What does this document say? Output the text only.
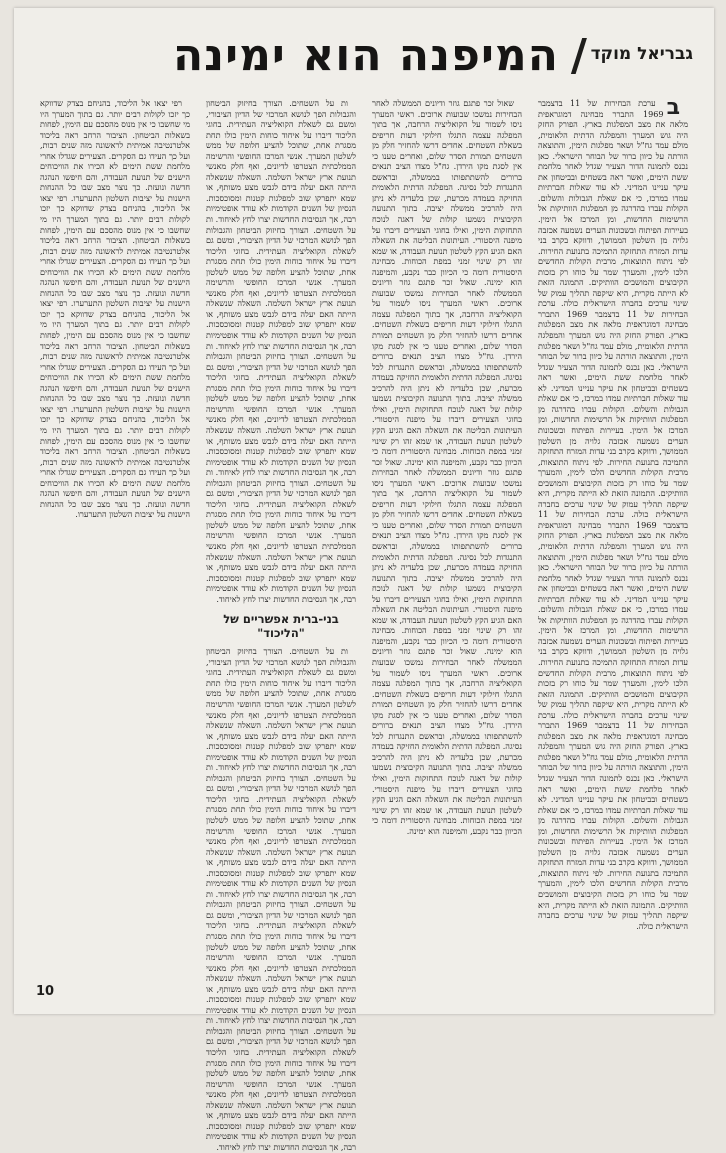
המיפנה הוא ימינה / גבריאל מוקד

ב
ערכת הבחירות של 11 בדצמבר 1969 התברר מבחינה דמוגראפית מלאה את מצב המפלגות בארץ. הפורק החזק היה גוש המערך והמפלגה הדתית הלאומית, מולם עמד גח"ל ושאר מפלגות הימין, והתוצאה הורתה על כיוון ברור של הבוחר הישראלי. כאן נכנס לתמונה הדור הצעיר שגדל לאחר מלחמת ששת הימים, ואשר ראה בשטחים ובביטחון את עיקר עניינו המדיני. לא עוד שאלות חברתיות עמדו במרכז, כי אם שאלת הגבולות והשלום. הקולות עברו בהדרגה מן המפלגות הוותיקות אל הרשימות החדשות, ומן המרכז אל הימין. בעיירות הפיתוח ובשכונות הערים נשמעה אכזבה גלויה מן השלטון הממושך, ודווקא בקרב בני עדות המזרח התחזקה התמיכה בתנועת החירות. לפי ניתוח התוצאות, מרבית הקולות החדשים הלכו לימין, והמערך שמר על כוחו רק בזכות הקיבוצים והמושבים הוותיקים. התמונה הזאת לא הייתה מקרית, היא שיקפה תהליך עמוק של שינוי ערכים בחברה הישראלית כולה. ערכת הבחירות של 11 בדצמבר 1969 התברר מבחינה דמוגראפית מלאה את מצב המפלגות בארץ. הפורק החזק היה גוש המערך והמפלגה הדתית הלאומית, מולם עמד גח"ל ושאר מפלגות הימין, והתוצאה הורתה על כיוון ברור של הבוחר הישראלי. כאן נכנס לתמונה הדור הצעיר שגדל לאחר מלחמת ששת הימים, ואשר ראה בשטחים ובביטחון את עיקר עניינו המדיני. לא עוד שאלות חברתיות עמדו במרכז, כי אם שאלת הגבולות והשלום. הקולות עברו בהדרגה מן המפלגות הוותיקות אל הרשימות החדשות, ומן המרכז אל הימין. בעיירות הפיתוח ובשכונות הערים נשמעה אכזבה גלויה מן השלטון הממושך, ודווקא בקרב בני עדות המזרח התחזקה התמיכה בתנועת החירות. לפי ניתוח התוצאות, מרבית הקולות החדשים הלכו לימין, והמערך שמר על כוחו רק בזכות הקיבוצים והמושבים הוותיקים. התמונה הזאת לא הייתה מקרית, היא שיקפה תהליך עמוק של שינוי ערכים בחברה הישראלית כולה. ערכת הבחירות של 11 בדצמבר 1969 התברר מבחינה דמוגראפית מלאה את מצב המפלגות בארץ. הפורק החזק היה גוש המערך והמפלגה הדתית הלאומית, מולם עמד גח"ל ושאר מפלגות הימין, והתוצאה הורתה על כיוון ברור של הבוחר הישראלי. כאן נכנס לתמונה הדור הצעיר שגדל לאחר מלחמת ששת הימים, ואשר ראה בשטחים ובביטחון את עיקר עניינו המדיני. לא עוד שאלות חברתיות עמדו במרכז, כי אם שאלת הגבולות והשלום. הקולות עברו בהדרגה מן המפלגות הוותיקות אל הרשימות החדשות, ומן המרכז אל הימין. בעיירות הפיתוח ובשכונות הערים נשמעה אכזבה גלויה מן השלטון הממושך, ודווקא בקרב בני עדות המזרח התחזקה התמיכה בתנועת החירות. לפי ניתוח התוצאות, מרבית הקולות החדשים הלכו לימין, והמערך שמר על כוחו רק בזכות הקיבוצים והמושבים הוותיקים. התמונה הזאת לא הייתה מקרית, היא שיקפה תהליך עמוק של שינוי ערכים בחברה הישראלית כולה. ערכת הבחירות של 11 בדצמבר 1969 התברר מבחינה דמוגראפית מלאה את מצב המפלגות בארץ. הפורק החזק היה גוש המערך והמפלגה הדתית הלאומית, מולם עמד גח"ל ושאר מפלגות הימין, והתוצאה הורתה על כיוון ברור של הבוחר הישראלי. כאן נכנס לתמונה הדור הצעיר שגדל לאחר מלחמת ששת הימים, ואשר ראה בשטחים ובביטחון את עיקר עניינו המדיני. לא עוד שאלות חברתיות עמדו במרכז, כי אם שאלת הגבולות והשלום. הקולות עברו בהדרגה מן המפלגות הוותיקות אל הרשימות החדשות, ומן המרכז אל הימין. בעיירות הפיתוח ובשכונות הערים נשמעה אכזבה גלויה מן השלטון הממושך, ודווקא בקרב בני עדות המזרח התחזקה התמיכה בתנועת החירות. לפי ניתוח התוצאות, מרבית הקולות החדשים הלכו לימין, והמערך שמר על כוחו רק בזכות הקיבוצים והמושבים הוותיקים. התמונה הזאת לא הייתה מקרית, היא שיקפה תהליך עמוק של שינוי ערכים בחברה הישראלית כולה.

שאול זכר פתגם גוזר ודיונים הממשלה לאחר הבחירות נמשכו שבועות ארוכים. ראשי המערך ניסו לשמור על הקואליציה הרחבה, אך בתוך המפלגה עצמה התגלו חילוקי דעות חריפים בשאלת השטחים. אחדים דרשו להחזיר חלק מן השטחים תמורת הסדר שלום, ואחרים טענו כי אין לסגת מקו הירדן. גח"ל מצדו הציב תנאים ברורים להשתתפותו בממשלה, ובראשם התנגדות לכל נסיגה. המפלגה הדתית הלאומית החזיקה בעמדה מכרעת, שכן בלעדיה לא ניתן היה להרכיב ממשלה יציבה. בתוך התנועה הקיבוצית נשמעו קולות של דאגה לנוכח התחזקות הימין, ואילו בחוגי הצעירים דיברו על מיפנה היסטורי. העיתונות הבליטה את השאלה האם הגיע הקץ לשלטון תנועת העבודה, או שמא זהו רק שינוי זמני במפת הכוחות. מבחינה היסטורית דומה כי הכיוון כבר נקבע, והמיפנה הוא ימינה. שאול זכר פתגם גוזר ודיונים הממשלה לאחר הבחירות נמשכו שבועות ארוכים. ראשי המערך ניסו לשמור על הקואליציה הרחבה, אך בתוך המפלגה עצמה התגלו חילוקי דעות חריפים בשאלת השטחים. אחדים דרשו להחזיר חלק מן השטחים תמורת הסדר שלום, ואחרים טענו כי אין לסגת מקו הירדן. גח"ל מצדו הציב תנאים ברורים להשתתפותו בממשלה, ובראשם התנגדות לכל נסיגה. המפלגה הדתית הלאומית החזיקה בעמדה מכרעת, שכן בלעדיה לא ניתן היה להרכיב ממשלה יציבה. בתוך התנועה הקיבוצית נשמעו קולות של דאגה לנוכח התחזקות הימין, ואילו בחוגי הצעירים דיברו על מיפנה היסטורי. העיתונות הבליטה את השאלה האם הגיע הקץ לשלטון תנועת העבודה, או שמא זהו רק שינוי זמני במפת הכוחות. מבחינה היסטורית דומה כי הכיוון כבר נקבע, והמיפנה הוא ימינה. שאול זכר פתגם גוזר ודיונים הממשלה לאחר הבחירות נמשכו שבועות ארוכים. ראשי המערך ניסו לשמור על הקואליציה הרחבה, אך בתוך המפלגה עצמה התגלו חילוקי דעות חריפים בשאלת השטחים. אחדים דרשו להחזיר חלק מן השטחים תמורת הסדר שלום, ואחרים טענו כי אין לסגת מקו הירדן. גח"ל מצדו הציב תנאים ברורים להשתתפותו בממשלה, ובראשם התנגדות לכל נסיגה. המפלגה הדתית הלאומית החזיקה בעמדה מכרעת, שכן בלעדיה לא ניתן היה להרכיב ממשלה יציבה. בתוך התנועה הקיבוצית נשמעו קולות של דאגה לנוכח התחזקות הימין, ואילו בחוגי הצעירים דיברו על מיפנה היסטורי. העיתונות הבליטה את השאלה האם הגיע הקץ לשלטון תנועת העבודה, או שמא זהו רק שינוי זמני במפת הכוחות. מבחינה היסטורית דומה כי הכיוון כבר נקבע, והמיפנה הוא ימינה. שאול זכר פתגם גוזר ודיונים הממשלה לאחר הבחירות נמשכו שבועות ארוכים. ראשי המערך ניסו לשמור על הקואליציה הרחבה, אך בתוך המפלגה עצמה התגלו חילוקי דעות חריפים בשאלת השטחים. אחדים דרשו להחזיר חלק מן השטחים תמורת הסדר שלום, ואחרים טענו כי אין לסגת מקו הירדן. גח"ל מצדו הציב תנאים ברורים להשתתפותו בממשלה, ובראשם התנגדות לכל נסיגה. המפלגה הדתית הלאומית החזיקה בעמדה מכרעת, שכן בלעדיה לא ניתן היה להרכיב ממשלה יציבה. בתוך התנועה הקיבוצית נשמעו קולות של דאגה לנוכח התחזקות הימין, ואילו בחוגי הצעירים דיברו על מיפנה היסטורי. העיתונות הבליטה את השאלה האם הגיע הקץ לשלטון תנועת העבודה, או שמא זהו רק שינוי זמני במפת הכוחות. מבחינה היסטורית דומה כי הכיוון כבר נקבע, והמיפנה הוא ימינה.

ות על השטחים. הצורך בחיזוק הביטחון והגבולות הפך לנושא המרכזי של הדיון הציבורי, ומשם גם לשאלת הקואליציה העתידית. בחוגי הליכוד דיברו על איחוד כוחות הימין כולו תחת מסגרת אחת, שתוכל להציע חלופה של ממש לשלטון המערך. אנשי המרכז החופשי והרשימה הממלכתית הצטרפו לדיונים, ואף חלק מאנשי תנועת ארץ ישראל השלמה. השאלה שנשאלה הייתה האם יעלה בידם לגבש מצע משותף, או שמא יתפרקו שוב למפלגות קטנות ומסוכסכות. הנסיון של השנים הקודמות לא עודד אופטימיות רבה, אך הנסיבות החדשות יצרו לחץ לאיחוד. ות על השטחים. הצורך בחיזוק הביטחון והגבולות הפך לנושא המרכזי של הדיון הציבורי, ומשם גם לשאלת הקואליציה העתידית. בחוגי הליכוד דיברו על איחוד כוחות הימין כולו תחת מסגרת אחת, שתוכל להציע חלופה של ממש לשלטון המערך. אנשי המרכז החופשי והרשימה הממלכתית הצטרפו לדיונים, ואף חלק מאנשי תנועת ארץ ישראל השלמה. השאלה שנשאלה הייתה האם יעלה בידם לגבש מצע משותף, או שמא יתפרקו שוב למפלגות קטנות ומסוכסכות. הנסיון של השנים הקודמות לא עודד אופטימיות רבה, אך הנסיבות החדשות יצרו לחץ לאיחוד. ות על השטחים. הצורך בחיזוק הביטחון והגבולות הפך לנושא המרכזי של הדיון הציבורי, ומשם גם לשאלת הקואליציה העתידית. בחוגי הליכוד דיברו על איחוד כוחות הימין כולו תחת מסגרת אחת, שתוכל להציע חלופה של ממש לשלטון המערך. אנשי המרכז החופשי והרשימה הממלכתית הצטרפו לדיונים, ואף חלק מאנשי תנועת ארץ ישראל השלמה. השאלה שנשאלה הייתה האם יעלה בידם לגבש מצע משותף, או שמא יתפרקו שוב למפלגות קטנות ומסוכסכות. הנסיון של השנים הקודמות לא עודד אופטימיות רבה, אך הנסיבות החדשות יצרו לחץ לאיחוד. ות על השטחים. הצורך בחיזוק הביטחון והגבולות הפך לנושא המרכזי של הדיון הציבורי, ומשם גם לשאלת הקואליציה העתידית. בחוגי הליכוד דיברו על איחוד כוחות הימין כולו תחת מסגרת אחת, שתוכל להציע חלופה של ממש לשלטון המערך. אנשי המרכז החופשי והרשימה הממלכתית הצטרפו לדיונים, ואף חלק מאנשי תנועת ארץ ישראל השלמה. השאלה שנשאלה הייתה האם יעלה בידם לגבש מצע משותף, או שמא יתפרקו שוב למפלגות קטנות ומסוכסכות. הנסיון של השנים הקודמות לא עודד אופטימיות רבה, אך הנסיבות החדשות יצרו לחץ לאיחוד.

בני-ברית אפשריים של
"הליכוד"

ות על השטחים. הצורך בחיזוק הביטחון והגבולות הפך לנושא המרכזי של הדיון הציבורי, ומשם גם לשאלת הקואליציה העתידית. בחוגי הליכוד דיברו על איחוד כוחות הימין כולו תחת מסגרת אחת, שתוכל להציע חלופה של ממש לשלטון המערך. אנשי המרכז החופשי והרשימה הממלכתית הצטרפו לדיונים, ואף חלק מאנשי תנועת ארץ ישראל השלמה. השאלה שנשאלה הייתה האם יעלה בידם לגבש מצע משותף, או שמא יתפרקו שוב למפלגות קטנות ומסוכסכות. הנסיון של השנים הקודמות לא עודד אופטימיות רבה, אך הנסיבות החדשות יצרו לחץ לאיחוד. ות על השטחים. הצורך בחיזוק הביטחון והגבולות הפך לנושא המרכזי של הדיון הציבורי, ומשם גם לשאלת הקואליציה העתידית. בחוגי הליכוד דיברו על איחוד כוחות הימין כולו תחת מסגרת אחת, שתוכל להציע חלופה של ממש לשלטון המערך. אנשי המרכז החופשי והרשימה הממלכתית הצטרפו לדיונים, ואף חלק מאנשי תנועת ארץ ישראל השלמה. השאלה שנשאלה הייתה האם יעלה בידם לגבש מצע משותף, או שמא יתפרקו שוב למפלגות קטנות ומסוכסכות. הנסיון של השנים הקודמות לא עודד אופטימיות רבה, אך הנסיבות החדשות יצרו לחץ לאיחוד. ות על השטחים. הצורך בחיזוק הביטחון והגבולות הפך לנושא המרכזי של הדיון הציבורי, ומשם גם לשאלת הקואליציה העתידית. בחוגי הליכוד דיברו על איחוד כוחות הימין כולו תחת מסגרת אחת, שתוכל להציע חלופה של ממש לשלטון המערך. אנשי המרכז החופשי והרשימה הממלכתית הצטרפו לדיונים, ואף חלק מאנשי תנועת ארץ ישראל השלמה. השאלה שנשאלה הייתה האם יעלה בידם לגבש מצע משותף, או שמא יתפרקו שוב למפלגות קטנות ומסוכסכות. הנסיון של השנים הקודמות לא עודד אופטימיות רבה, אך הנסיבות החדשות יצרו לחץ לאיחוד. ות על השטחים. הצורך בחיזוק הביטחון והגבולות הפך לנושא המרכזי של הדיון הציבורי, ומשם גם לשאלת הקואליציה העתידית. בחוגי הליכוד דיברו על איחוד כוחות הימין כולו תחת מסגרת אחת, שתוכל להציע חלופה של ממש לשלטון המערך. אנשי המרכז החופשי והרשימה הממלכתית הצטרפו לדיונים, ואף חלק מאנשי תנועת ארץ ישראל השלמה. השאלה שנשאלה הייתה האם יעלה בידם לגבש מצע משותף, או שמא יתפרקו שוב למפלגות קטנות ומסוכסכות. הנסיון של השנים הקודמות לא עודד אופטימיות רבה, אך הנסיבות החדשות יצרו לחץ לאיחוד.

רפי יצאו אל הליכוד, בהניחם בצדק שדווקא כך יזכו לקולות רבים יותר. גם בתוך המערך היו מי שחשבו כי אין מנוס מהסכם עם הימין, לפחות בשאלות הביטחון. הציבור הרחב ראה בליכוד אלטרנטיבה אמיתית לראשונה מזה שנים רבות, ועל כך העידו גם הסקרים. הצעירים שגדלו אחרי מלחמת ששת הימים לא הכירו את הוויכוחים הישנים של תנועת העבודה, והם חיפשו הנהגה חדשה ונועזת. כך נוצר מצב שבו כל ההנחות הישנות על יציבות השלטון התערערו. רפי יצאו אל הליכוד, בהניחם בצדק שדווקא כך יזכו לקולות רבים יותר. גם בתוך המערך היו מי שחשבו כי אין מנוס מהסכם עם הימין, לפחות בשאלות הביטחון. הציבור הרחב ראה בליכוד אלטרנטיבה אמיתית לראשונה מזה שנים רבות, ועל כך העידו גם הסקרים. הצעירים שגדלו אחרי מלחמת ששת הימים לא הכירו את הוויכוחים הישנים של תנועת העבודה, והם חיפשו הנהגה חדשה ונועזת. כך נוצר מצב שבו כל ההנחות הישנות על יציבות השלטון התערערו. רפי יצאו אל הליכוד, בהניחם בצדק שדווקא כך יזכו לקולות רבים יותר. גם בתוך המערך היו מי שחשבו כי אין מנוס מהסכם עם הימין, לפחות בשאלות הביטחון. הציבור הרחב ראה בליכוד אלטרנטיבה אמיתית לראשונה מזה שנים רבות, ועל כך העידו גם הסקרים. הצעירים שגדלו אחרי מלחמת ששת הימים לא הכירו את הוויכוחים הישנים של תנועת העבודה, והם חיפשו הנהגה חדשה ונועזת. כך נוצר מצב שבו כל ההנחות הישנות על יציבות השלטון התערערו. רפי יצאו אל הליכוד, בהניחם בצדק שדווקא כך יזכו לקולות רבים יותר. גם בתוך המערך היו מי שחשבו כי אין מנוס מהסכם עם הימין, לפחות בשאלות הביטחון. הציבור הרחב ראה בליכוד אלטרנטיבה אמיתית לראשונה מזה שנים רבות, ועל כך העידו גם הסקרים. הצעירים שגדלו אחרי מלחמת ששת הימים לא הכירו את הוויכוחים הישנים של תנועת העבודה, והם חיפשו הנהגה חדשה ונועזת. כך נוצר מצב שבו כל ההנחות הישנות על יציבות השלטון התערערו.

10
